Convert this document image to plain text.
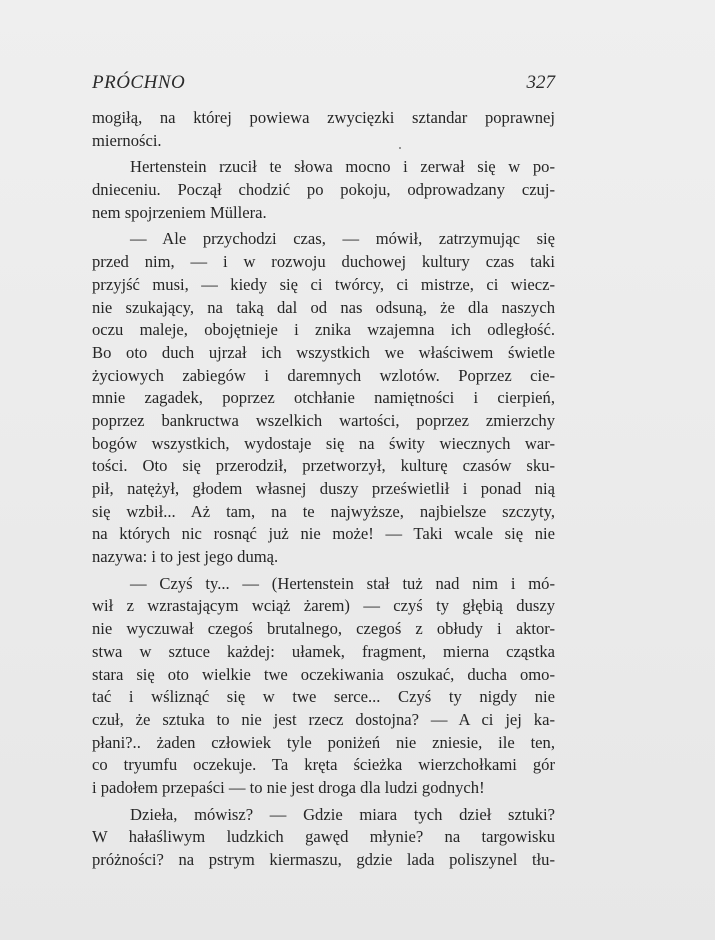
PRÓCHNO	327
mogiłą, na której powiewa zwycięzki sztandar poprawnej
mierności.
Hertenstein rzucił te słowa mocno i zerwał się w po-
dnieceniu. Począł chodzić po pokoju, odprowadzany czuj-
nem spojrzeniem Müllera.
— Ale przychodzi czas, — mówił, zatrzymując się
przed nim, — i w rozwoju duchowej kultury czas taki
przyjść musi, — kiedy się ci twórcy, ci mistrze, ci wiecz-
nie szukający, na taką dal od nas odsuną, że dla naszych
oczu maleje, obojętnieje i znika wzajemna ich odległość.
Bo oto duch ujrzał ich wszystkich we właściwem świetle
życiowych zabiegów i daremnych wzlotów. Poprzez cie-
mnie zagadek, poprzez otchłanie namiętności i cierpień,
poprzez bankructwa wszelkich wartości, poprzez zmierzchy
bogów wszystkich, wydostaje się na świty wiecznych war-
tości. Oto się przerodził, przetworzył, kulturę czasów sku-
pił, natężył, głodem własnej duszy prześwietlił i ponad nią
się wzbił... Aż tam, na te najwyższe, najbielsze szczyty,
na których nic rosnąć już nie może! — Taki wcale się nie
nazywa: i to jest jego dumą.
— Czyś ty... — (Hertenstein stał tuż nad nim i mó-
wił z wzrastającym wciąż żarem) — czyś ty głębią duszy
nie wyczuwał czegoś brutalnego, czegoś z obłudy i aktor-
stwa w sztuce każdej: ułamek, fragment, mierna cząstka
stara się oto wielkie twe oczekiwania oszukać, ducha omo-
tać i wśliznąć się w twe serce... Czyś ty nigdy nie
czuł, że sztuka to nie jest rzecz dostojna? — A ci jej ka-
płani?.. żaden człowiek tyle poniżeń nie zniesie, ile ten,
co tryumfu oczekuje. Ta kręta ścieżka wierzchołkami gór
i padołem przepaści — to nie jest droga dla ludzi godnych!
Dzieła, mówisz? — Gdzie miara tych dzieł sztuki?
W hałaśliwym ludzkich gawęd młynie? na targowisku
próżności? na pstrym kiermaszu, gdzie lada poliszynel tłu-
